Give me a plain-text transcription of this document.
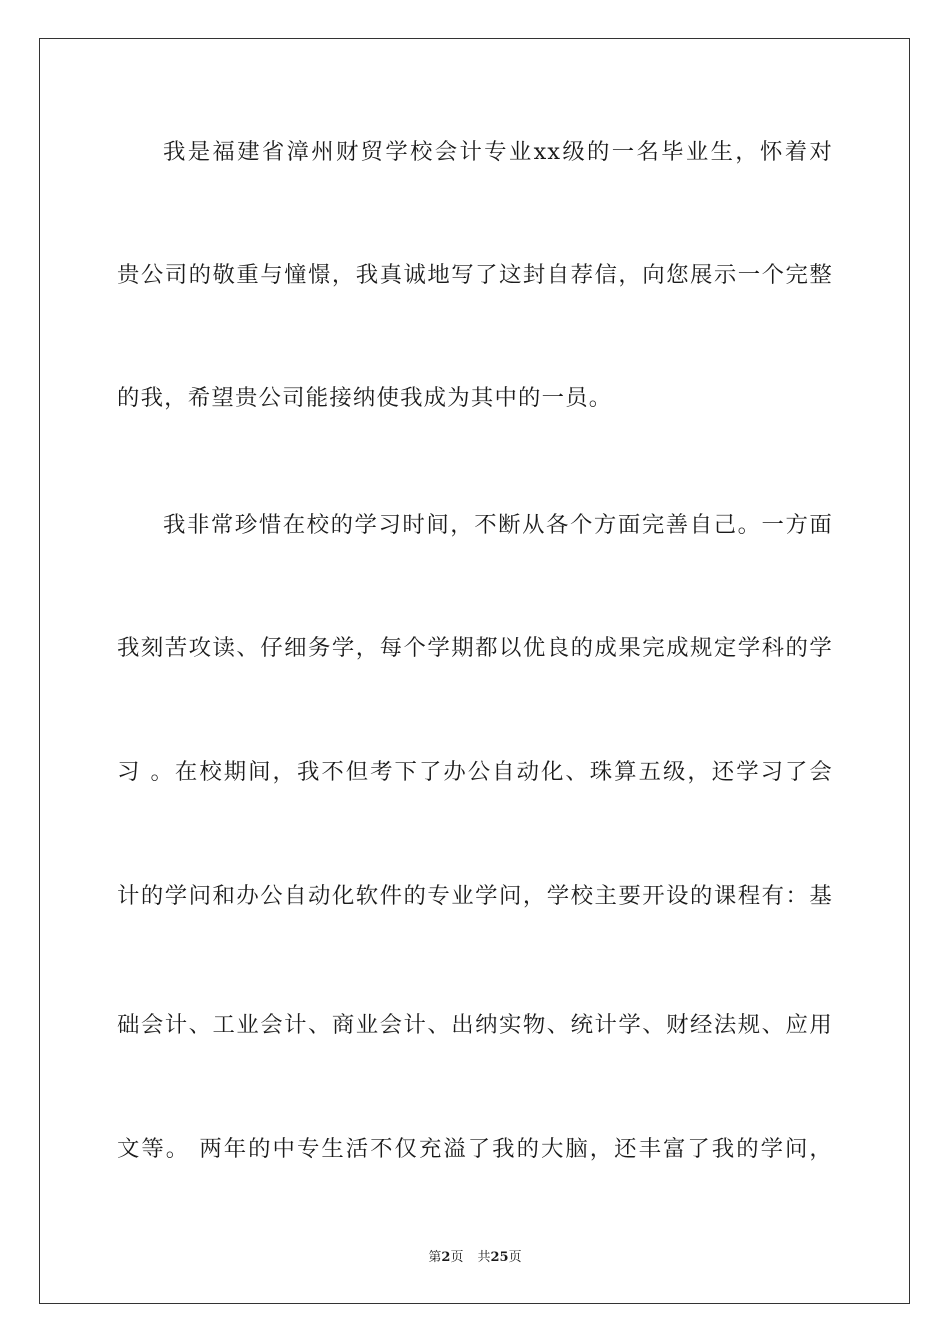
我是福建省漳州财贸学校会计专业xx级的一名毕业生，怀着对
贵公司的敬重与憧憬，我真诚地写了这封自荐信，向您展示一个完整
的我，希望贵公司能接纳使我成为其中的一员。
我非常珍惜在校的学习时间，不断从各个方面完善自己。一方面
我刻苦攻读、仔细务学，每个学期都以优良的成果完成规定学科的学
习 。在校期间，我不但考下了办公自动化、珠算五级，还学习了会
计的学问和办公自动化软件的专业学问，学校主要开设的课程有：基
础会计、工业会计、商业会计、出纳实物、统计学、财经法规、应用
文等。 两年的中专生活不仅充溢了我的大脑，还丰富了我的学问，
第2页 共25页
